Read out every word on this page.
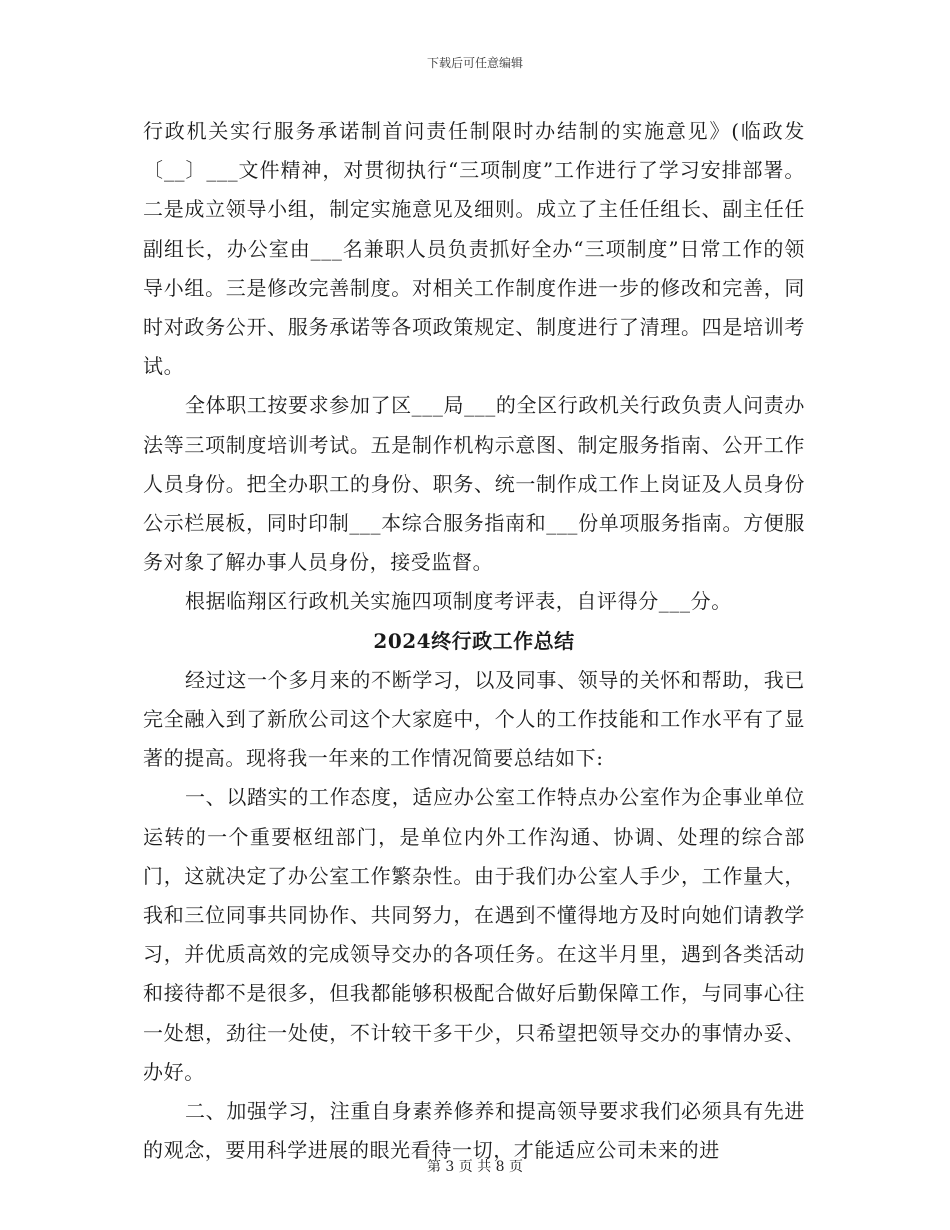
下载后可任意编辑

行政机关实行服务承诺制首问责任制限时办结制的实施意见》(临政发〔__〕___文件精神，对贯彻执行“三项制度”工作进行了学习安排部署。二是成立领导小组，制定实施意见及细则。成立了主任任组长、副主任任副组长，办公室由___名兼职人员负责抓好全办“三项制度”日常工作的领导小组。三是修改完善制度。对相关工作制度作进一步的修改和完善，同时对政务公开、服务承诺等各项政策规定、制度进行了清理。四是培训考试。

全体职工按要求参加了区___局___的全区行政机关行政负责人问责办法等三项制度培训考试。五是制作机构示意图、制定服务指南、公开工作人员身份。把全办职工的身份、职务、统一制作成工作上岗证及人员身份公示栏展板，同时印制___本综合服务指南和___份单项服务指南。方便服务对象了解办事人员身份，接受监督。

根据临翔区行政机关实施四项制度考评表，自评得分___分。

2024终行政工作总结

经过这一个多月来的不断学习，以及同事、领导的关怀和帮助，我已完全融入到了新欣公司这个大家庭中，个人的工作技能和工作水平有了显著的提高。现将我一年来的工作情况简要总结如下:

一、以踏实的工作态度，适应办公室工作特点办公室作为企事业单位运转的一个重要枢纽部门，是单位内外工作沟通、协调、处理的综合部门，这就决定了办公室工作繁杂性。由于我们办公室人手少，工作量大，我和三位同事共同协作、共同努力，在遇到不懂得地方及时向她们请教学习，并优质高效的完成领导交办的各项任务。在这半月里，遇到各类活动和接待都不是很多，但我都能够积极配合做好后勤保障工作，与同事心往一处想，劲往一处使，不计较干多干少，只希望把领导交办的事情办妥、办好。

二、加强学习，注重自身素养修养和提高领导要求我们必须具有先进的观念，要用科学进展的眼光看待一切，才能适应公司未来的进

第 3 页 共 8 页
